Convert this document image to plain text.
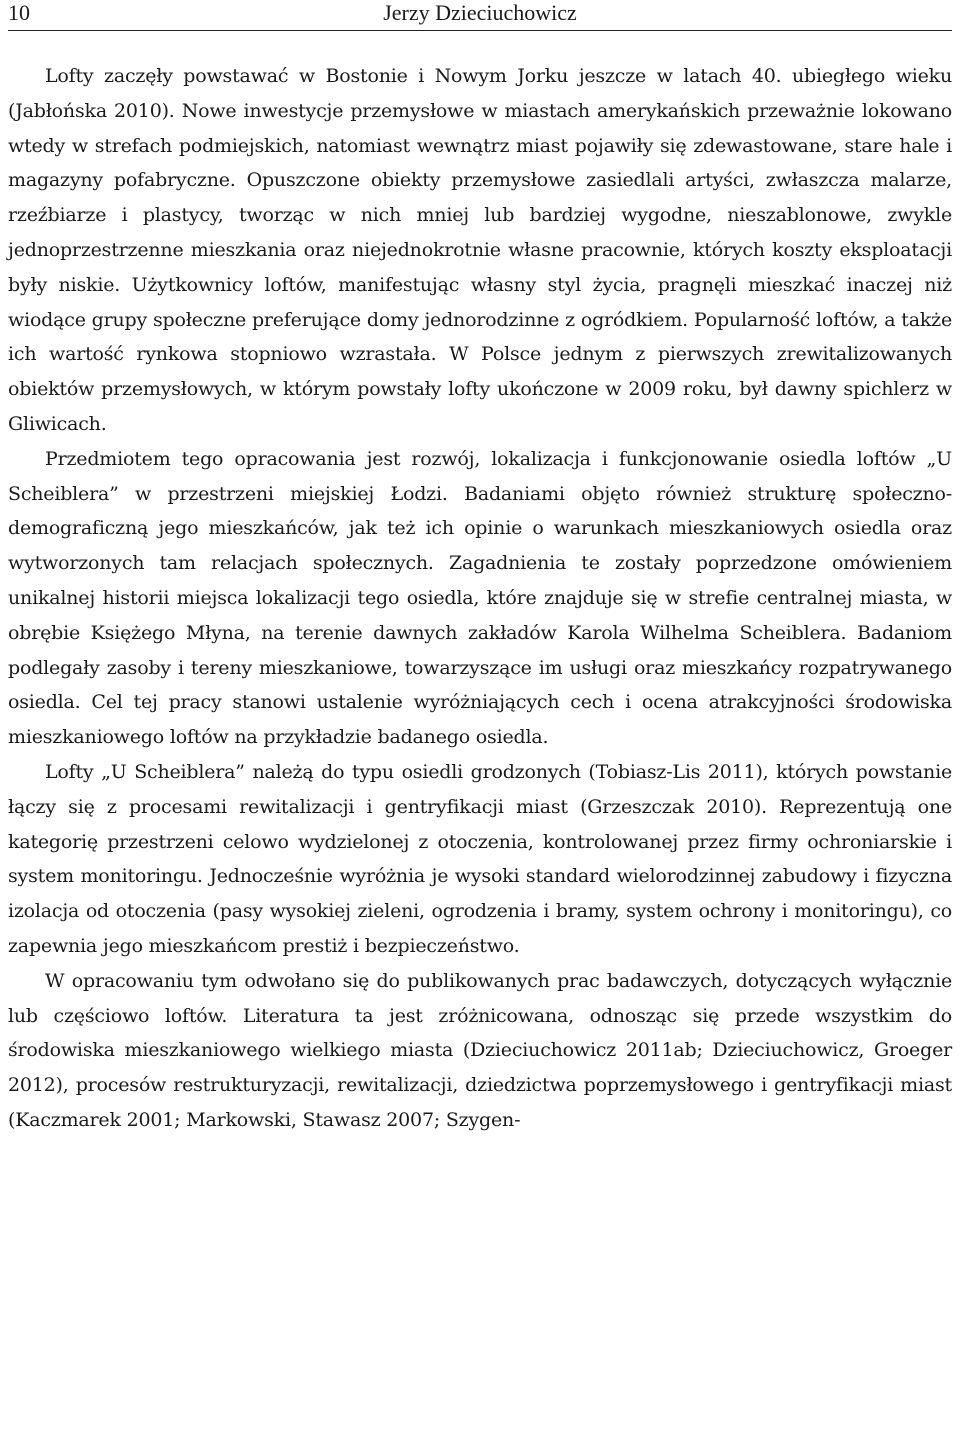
10	Jerzy Dzieciuchowicz

Lofty zaczęły powstawać w Bostonie i Nowym Jorku jeszcze w latach 40. ubiegłego wieku (Jabłońska 2010). Nowe inwestycje przemysłowe w miastach amerykańskich przeważnie lokowano wtedy w strefach podmiejskich, natomiast wewnątrz miast pojawiły się zdewastowane, stare hale i magazyny pofabryczne. Opuszczone obiekty przemysłowe zasiedlali artyści, zwłaszcza malarze, rzeźbiarze i plastycy, tworząc w nich mniej lub bardziej wygodne, nieszablonowe, zwykle jednoprzestrzenne mieszkania oraz niejednokrotnie własne pracownie, których koszty eksploatacji były niskie. Użytkownicy loftów, manifestując własny styl życia, pragnęli mieszkać inaczej niż wiodące grupy społeczne preferujące domy jednorodzinne z ogródkiem. Popularność loftów, a także ich wartość rynkowa stopniowo wzrastała. W Polsce jednym z pierwszych zrewitalizowanych obiektów przemysłowych, w którym powstały lofty ukończone w 2009 roku, był dawny spichlerz w Gliwicach.

Przedmiotem tego opracowania jest rozwój, lokalizacja i funkcjonowanie osiedla loftów „U Scheiblera” w przestrzeni miejskiej Łodzi. Badaniami objęto również strukturę społeczno-demograficzną jego mieszkańców, jak też ich opinie o warunkach mieszkaniowych osiedla oraz wytworzonych tam relacjach społecznych. Zagadnienia te zostały poprzedzone omówieniem unikalnej historii miejsca lokalizacji tego osiedla, które znajduje się w strefie centralnej miasta, w obrębie Księżego Młyna, na terenie dawnych zakładów Karola Wilhelma Scheiblera. Badaniom podlegały zasoby i tereny mieszkaniowe, towarzyszące im usługi oraz mieszkańcy rozpatrywanego osiedla. Cel tej pracy stanowi ustalenie wyróżniających cech i ocena atrakcyjności środowiska mieszkaniowego loftów na przykładzie badanego osiedla.

Lofty „U Scheiblera” należą do typu osiedli grodzonych (Tobiasz-Lis 2011), których powstanie łączy się z procesami rewitalizacji i gentryfikacji miast (Grzeszczak 2010). Reprezentują one kategorię przestrzeni celowo wydzielonej z otoczenia, kontrolowanej przez firmy ochroniarskie i system monitoringu. Jednocześnie wyróżnia je wysoki standard wielorodzinnej zabudowy i fizyczna izolacja od otoczenia (pasy wysokiej zieleni, ogrodzenia i bramy, system ochrony i monitoringu), co zapewnia jego mieszkańcom prestiż i bezpieczeństwo.

W opracowaniu tym odwołano się do publikowanych prac badawczych, dotyczących wyłącznie lub częściowo loftów. Literatura ta jest zróżnicowana, odnosząc się przede wszystkim do środowiska mieszkaniowego wielkiego miasta (Dzieciuchowicz 2011ab; Dzieciuchowicz, Groeger 2012), procesów restrukturyzacji, rewitalizacji, dziedzictwa poprzemysłowego i gentryfikacji miast (Kaczmarek 2001; Markowski, Stawasz 2007; Szygen-
